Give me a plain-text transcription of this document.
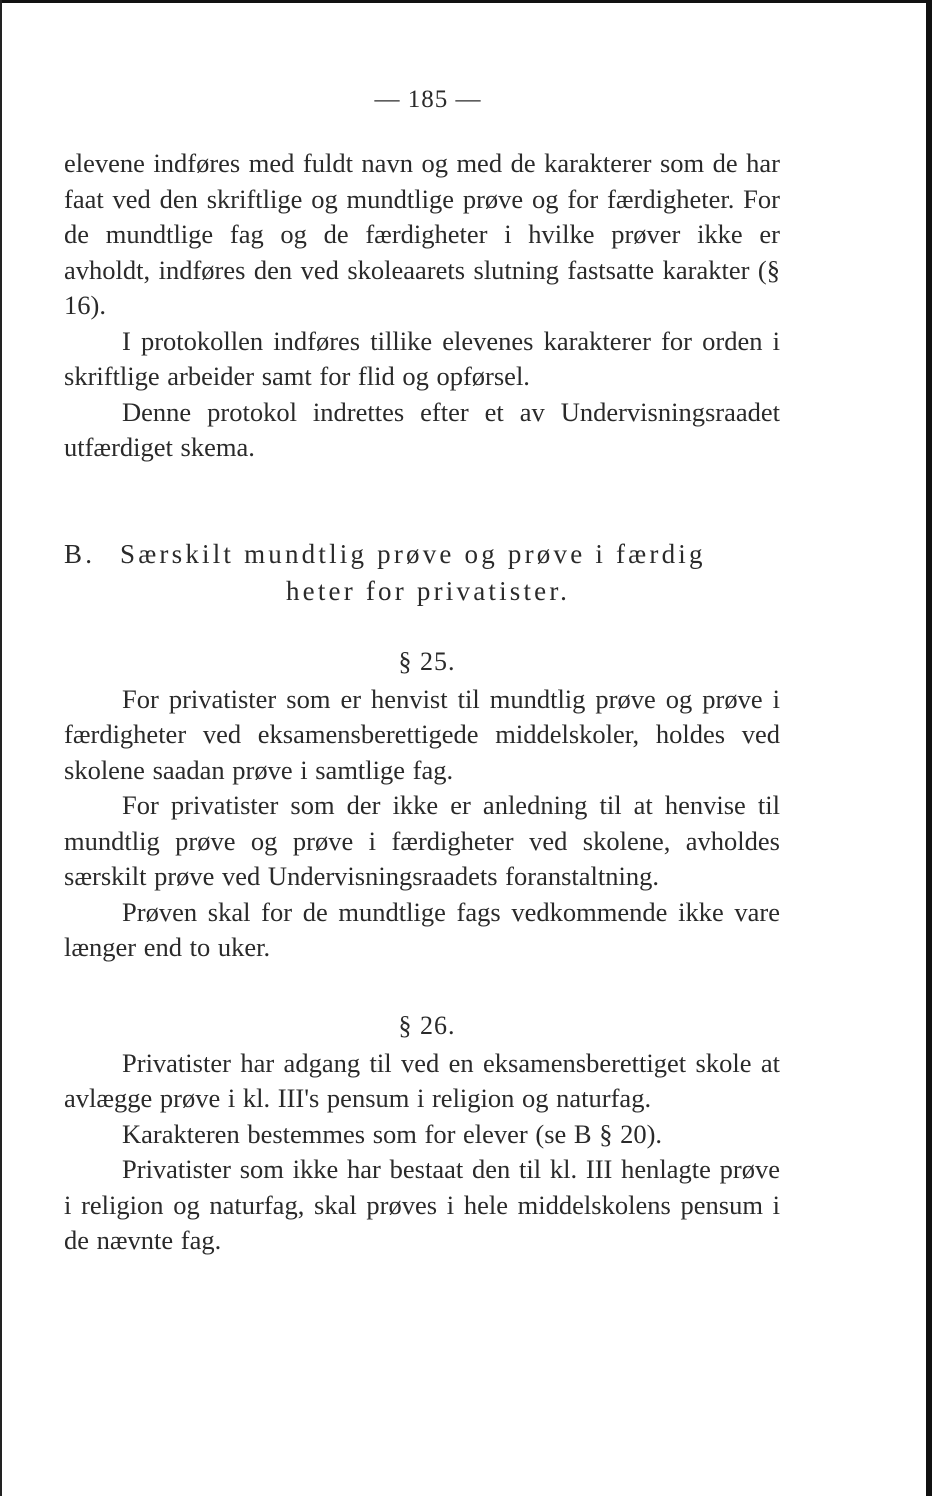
— 185 —

elevene indføres med fuldt navn og med de karakterer som de har faat ved den skriftlige og mundtlige prøve og for færdigheter. For de mundtlige fag og de færdigheter i hvilke prøver ikke er avholdt, indføres den ved skoleaarets slutning fastsatte karakter (§ 16).

I protokollen indføres tillike elevenes karakterer for orden i skriftlige arbeider samt for flid og opførsel.

Denne protokol indrettes efter et av Undervisningsraadet utfærdiget skema.

B. Særskilt mundtlig prøve og prøve i færdig
heter for privatister.
§ 25.

For privatister som er henvist til mundtlig prøve og prøve i færdigheter ved eksamensberettigede middelskoler, holdes ved skolene saadan prøve i samtlige fag.

For privatister som der ikke er anledning til at henvise til mundtlig prøve og prøve i færdigheter ved skolene, avholdes særskilt prøve ved Undervisningsraadets foranstaltning.

Prøven skal for de mundtlige fags vedkommende ikke vare længer end to uker.

§ 26.

Privatister har adgang til ved en eksamensberettiget skole at avlægge prøve i kl. III's pensum i religion og naturfag.

Karakteren bestemmes som for elever (se B § 20).

Privatister som ikke har bestaat den til kl. III henlagte prøve i religion og naturfag, skal prøves i hele middelskolens pensum i de nævnte fag.
